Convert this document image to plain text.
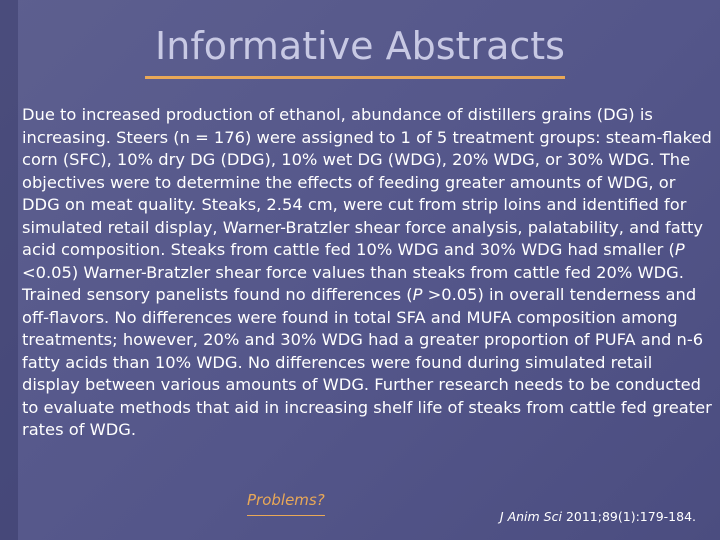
Informative Abstracts

Due to increased production of ethanol, abundance of distillers grains (DG) is increasing. Steers (n = 176) were assigned to 1 of 5 treatment groups: steam-flaked corn (SFC), 10% dry DG (DDG), 10% wet DG (WDG), 20% WDG, or 30% WDG. The objectives were to determine the effects of feeding greater amounts of WDG, or DDG on meat quality. Steaks, 2.54 cm, were cut from strip loins and identified for simulated retail display, Warner-Bratzler shear force analysis, palatability, and fatty acid composition. Steaks from cattle fed 10% WDG and 30% WDG had smaller (P <0.05) Warner-Bratzler shear force values than steaks from cattle fed 20% WDG. Trained sensory panelists found no differences (P >0.05) in overall tenderness and off-flavors. No differences were found in total SFA and MUFA composition among treatments; however, 20% and 30% WDG had a greater proportion of PUFA and n-6 fatty acids than 10% WDG. No differences were found during simulated retail display between various amounts of WDG. Further research needs to be conducted to evaluate methods that aid in increasing shelf life of steaks from cattle fed greater rates of WDG.

Problems?
J Anim Sci 2011;89(1):179-184.
